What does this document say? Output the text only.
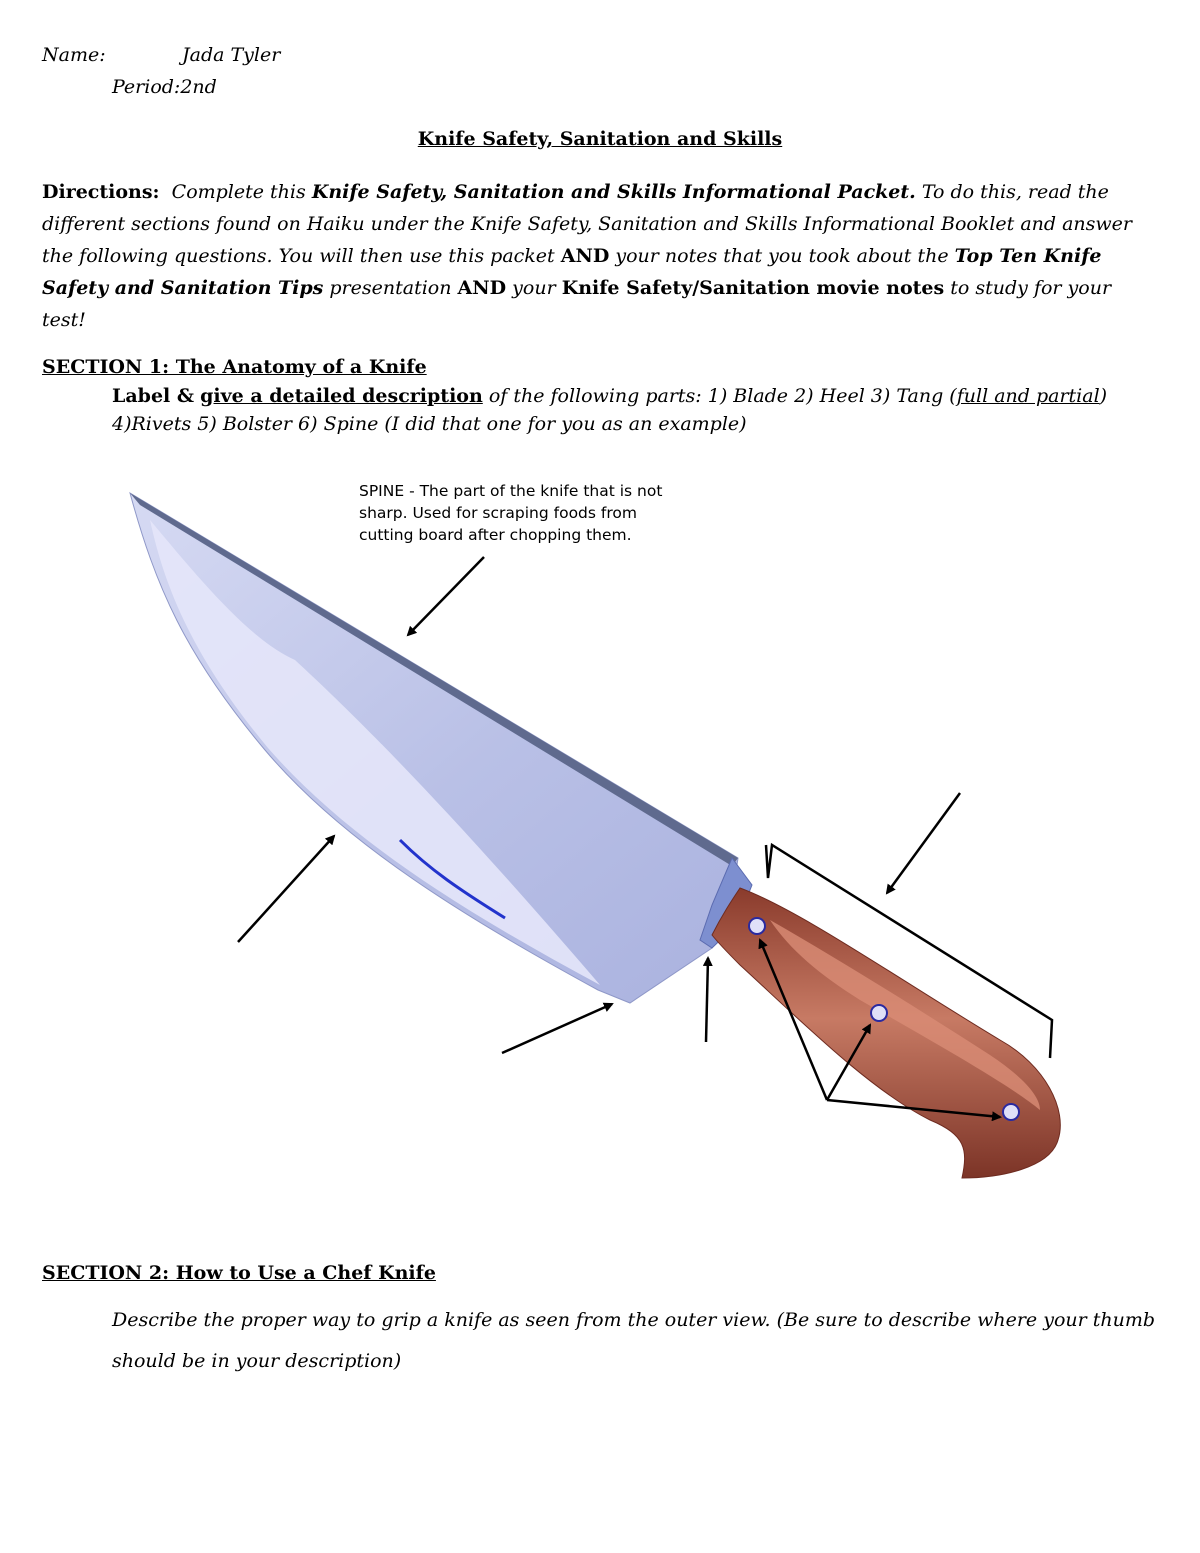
Name:	Jada Tyler
Period:2nd
Knife Safety, Sanitation and Skills
Directions: Complete this Knife Safety, Sanitation and Skills Informational Packet. To do this, read the different sections found on Haiku under the Knife Safety, Sanitation and Skills Informational Booklet and answer the following questions. You will then use this packet AND your notes that you took about the Top Ten Knife Safety and Sanitation Tips presentation AND your Knife Safety/Sanitation movie notes to study for your test!
SECTION 1: The Anatomy of a Knife
Label & give a detailed description of the following parts: 1) Blade 2) Heel 3) Tang (full and partial)
4)Rivets 5) Bolster 6) Spine (I did that one for you as an example)
SPINE - The part of the knife that is not sharp. Used for scraping foods from cutting board after chopping them.
SECTION 2: How to Use a Chef Knife
Describe the proper way to grip a knife as seen from the outer view. (Be sure to describe where your thumb should be in your description)
